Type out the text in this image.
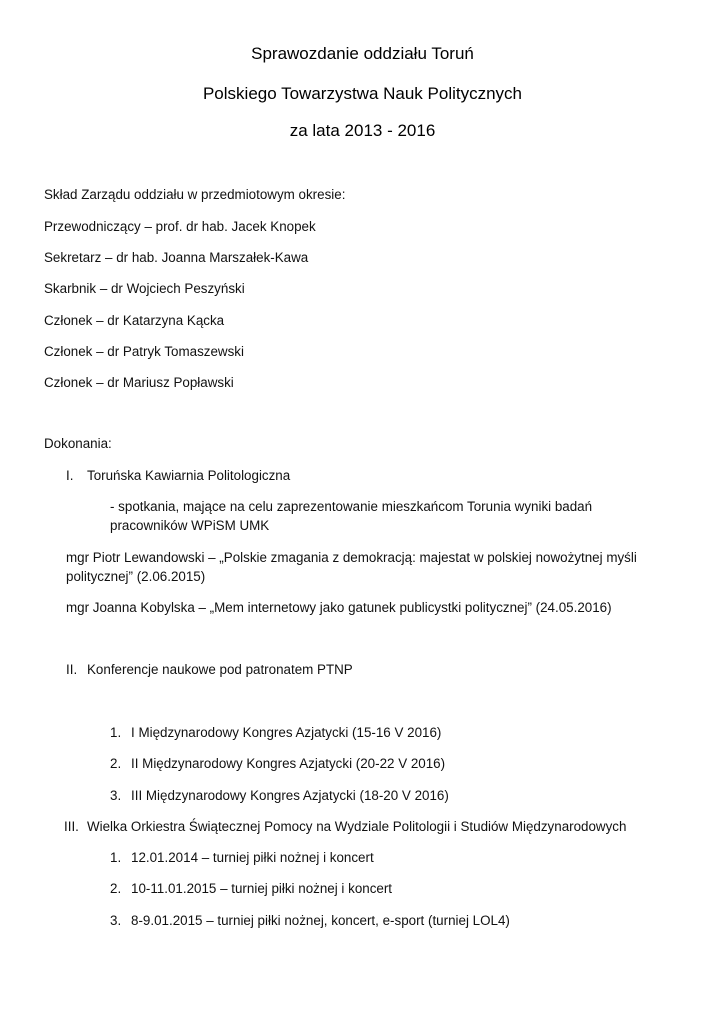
Sprawozdanie oddziału Toruń
Polskiego Towarzystwa Nauk Politycznych
za lata 2013 - 2016
Skład Zarządu oddziału w przedmiotowym okresie:
Przewodniczący – prof. dr hab. Jacek Knopek
Sekretarz – dr hab. Joanna Marszałek-Kawa
Skarbnik – dr Wojciech Peszyński
Członek – dr Katarzyna Kącka
Członek – dr Patryk Tomaszewski
Członek – dr Mariusz Popławski
Dokonania:
I. Toruńska Kawiarnia Politologiczna
- spotkania, mające na celu zaprezentowanie mieszkańcom Torunia wyniki badań
pracowników WPiSM UMK
mgr Piotr Lewandowski – „Polskie zmagania z demokracją: majestat w polskiej nowożytnej myśli
politycznej” (2.06.2015)
mgr Joanna Kobylska – „Mem internetowy jako gatunek publicystki politycznej” (24.05.2016)
II. Konferencje naukowe pod patronatem PTNP
1. I Międzynarodowy Kongres Azjatycki (15-16 V 2016)
2. II Międzynarodowy Kongres Azjatycki (20-22 V 2016)
3. III Międzynarodowy Kongres Azjatycki (18-20 V 2016)
III. Wielka Orkiestra Świątecznej Pomocy na Wydziale Politologii i Studiów Międzynarodowych
1. 12.01.2014 – turniej piłki nożnej i koncert
2. 10-11.01.2015 – turniej piłki nożnej i koncert
3. 8-9.01.2015 – turniej piłki nożnej, koncert, e-sport (turniej LOL4)
